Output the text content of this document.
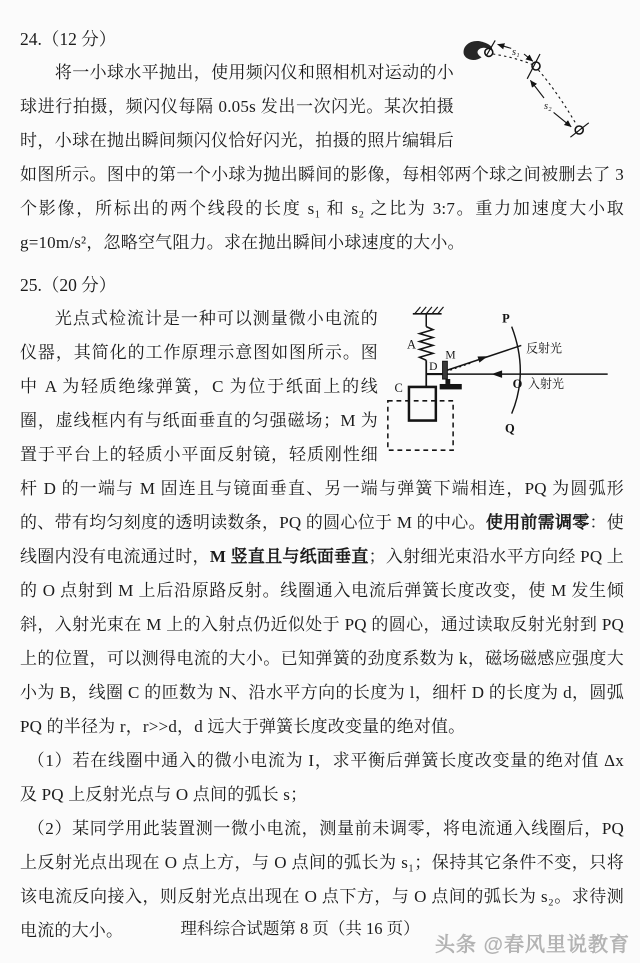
24.（12 分）
s₁
s₂

将一小球水平抛出，使用频闪仪和照相机对运动的小球进行拍摄，频闪仪每隔 0.05s 发出一次闪光。某次拍摄时，小球在抛出瞬间频闪仪恰好闪光，拍摄的照片编辑后如图所示。图中的第一个小球为抛出瞬间的影像，每相邻两个球之间被删去了 3 个影像，所标出的两个线段的长度 s₁ 和 s₂ 之比为 3:7。重力加速度大小取 g=10m/s²，忽略空气阻力。求在抛出瞬间小球速度的大小。

25.（20 分）
A
D
M
C
P
Q
O 入射光
反射光

光点式检流计是一种可以测量微小电流的仪器，其简化的工作原理示意图如图所示。图中 A 为轻质绝缘弹簧，C 为位于纸面上的线圈，虚线框内有与纸面垂直的匀强磁场；M 为置于平台上的轻质小平面反射镜，轻质刚性细杆 D 的一端与 M 固连且与镜面垂直、另一端与弹簧下端相连，PQ 为圆弧形的、带有均匀刻度的透明读数条，PQ 的圆心位于 M 的中心。使用前需调零：使线圈内没有电流通过时，M 竖直且与纸面垂直；入射细光束沿水平方向经 PQ 上的 O 点射到 M 上后沿原路反射。线圈通入电流后弹簧长度改变，使 M 发生倾斜，入射光束在 M 上的入射点仍近似处于 PQ 的圆心，通过读取反射光射到 PQ 上的位置，可以测得电流的大小。已知弹簧的劲度系数为 k，磁场磁感应强度大小为 B，线圈 C 的匝数为 N、沿水平方向的长度为 l，细杆 D 的长度为 d，圆弧 PQ 的半径为 r，r>>d，d 远大于弹簧长度改变量的绝对值。

（1）若在线圈中通入的微小电流为 I，求平衡后弹簧长度改变量的绝对值 Δx 及 PQ 上反射光点与 O 点间的弧长 s；

（2）某同学用此装置测一微小电流，测量前未调零，将电流通入线圈后，PQ 上反射光点出现在 O 点上方，与 O 点间的弧长为 s₁；保持其它条件不变，只将该电流反向接入，则反射光点出现在 O 点下方，与 O 点间的弧长为 s₂。求待测电流的大小。	理科综合试题第 8 页（共 16 页）
头条 @春风里说教育
